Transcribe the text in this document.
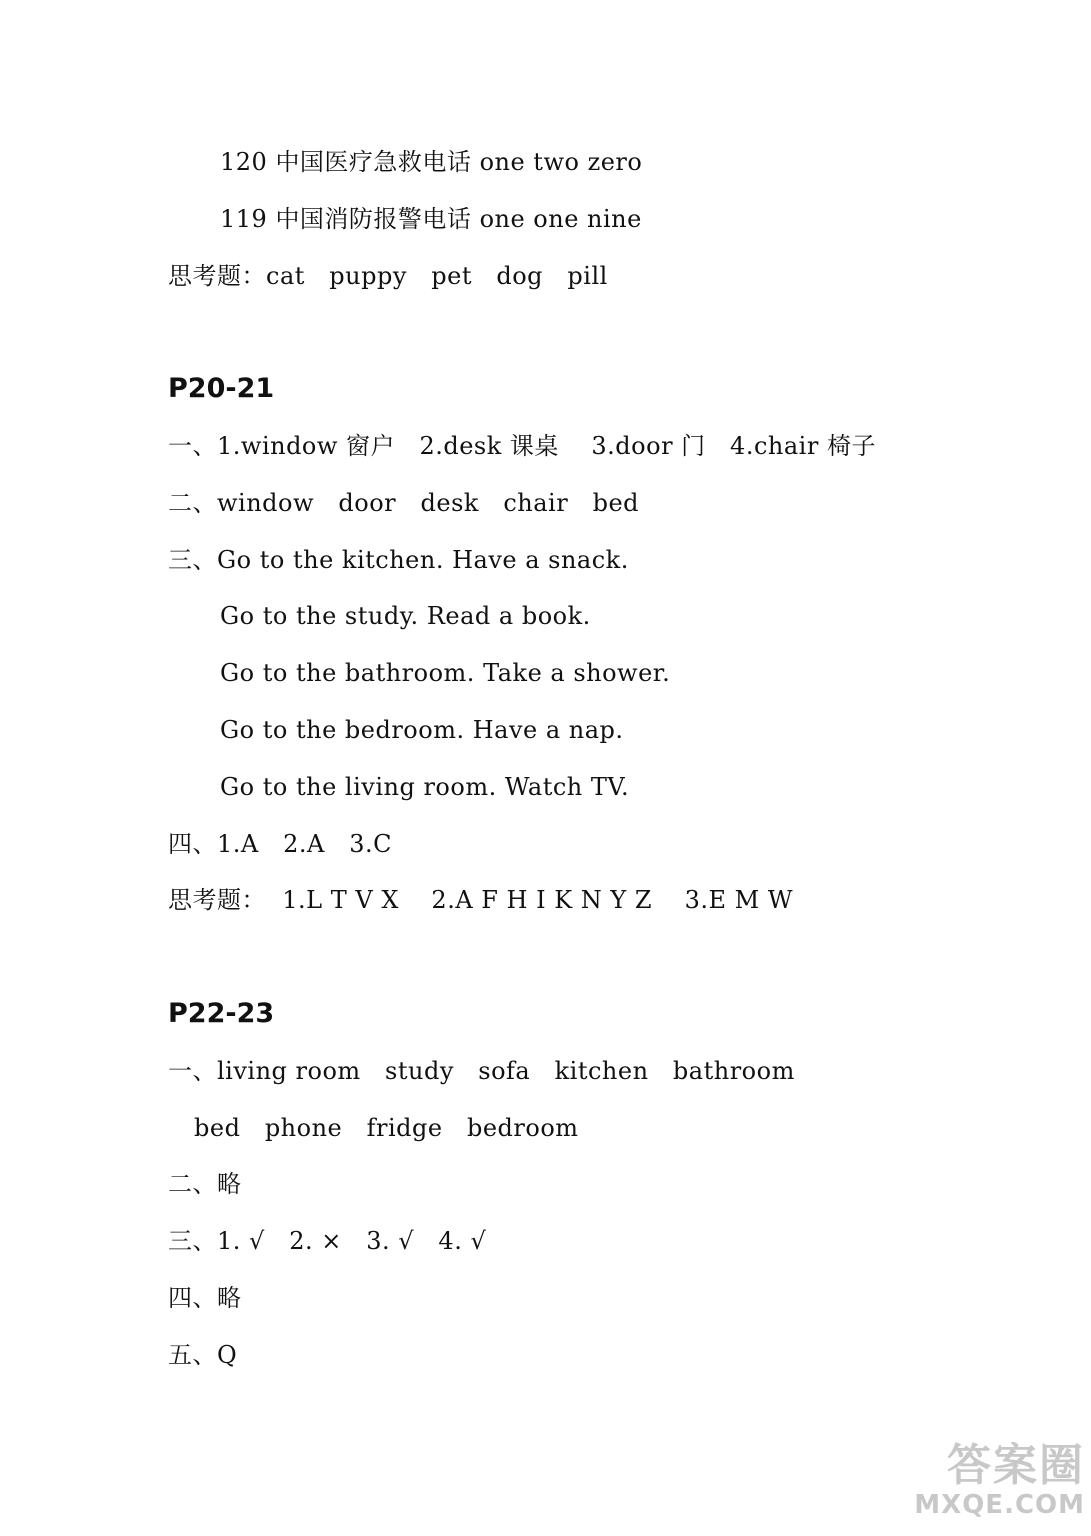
120 中国医疗急救电话 one two zero
119 中国消防报警电话 one one nine
思考题：cat   puppy   pet   dog   pill
P20-21
一、1.window 窗户   2.desk 课桌    3.door 门   4.chair 椅子
二、window   door   desk   chair   bed
三、Go to the kitchen. Have a snack.
Go to the study. Read a book.
Go to the bathroom. Take a shower.
Go to the bedroom. Have a nap.
Go to the living room. Watch TV.
四、1.A   2.A   3.C
思考题：  1.L T V X    2.A F H I K N Y Z    3.E M W
P22-23
一、living room   study   sofa   kitchen   bathroom
bed   phone   fridge   bedroom
二、略
三、1. √   2. ×   3. √   4. √
四、略
五、Q
答案圈
MXQE.COM
